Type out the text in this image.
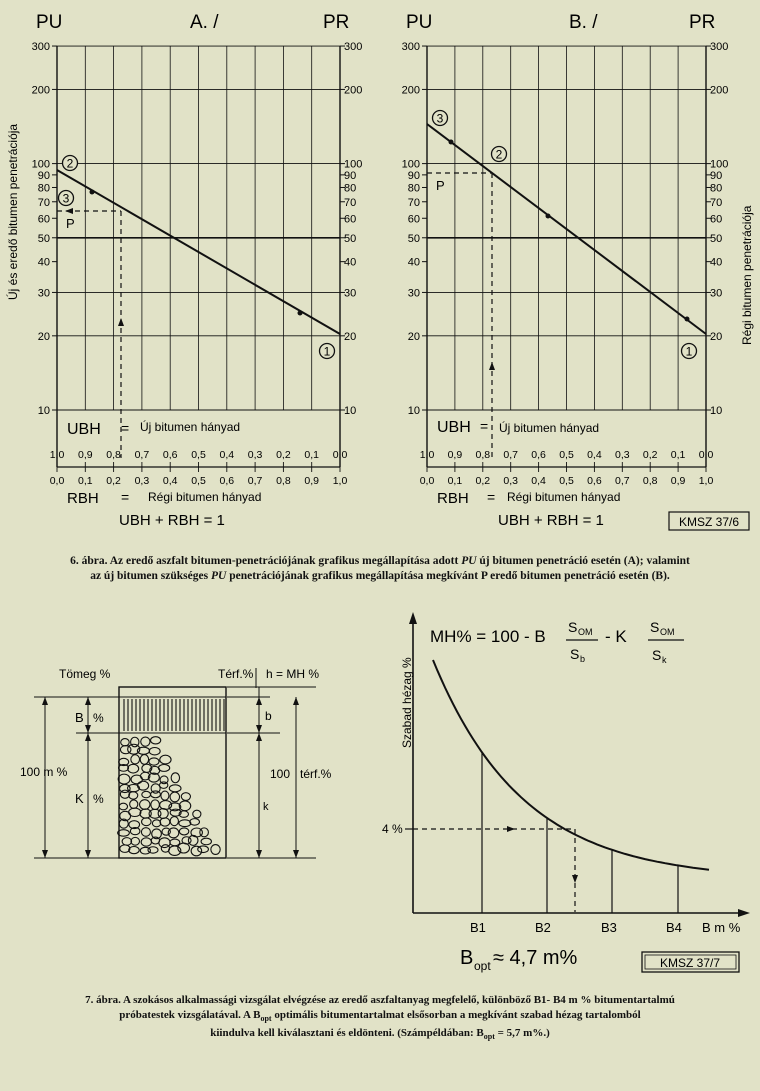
PU	A. /	PR
300	300
200	200
100	100
90	90
80	80
70	70
60	60
50	50
40	40
30	30
20	20
10	10
Új és eredő bitumen penetrációja	2
3
1
P
UBH = Új bitumen hányad
1,0 0,9 0,8 0,7 0,6 0,5 0,4 0,3 0,2 0,1 0,0
0,0 0,1 0,2 0,3 0,4 0,5 0,6 0,7 0,8 0,9 1,0
RBH = Régi bitumen hányad
UBH + RBH = 1
PU	B. /	PR
300	300
200	200
100	100
90	90
80	80
70	70
60	60
50	50
40	40
30	30
20	20
10	10
Régi bitumen penetrációja
3
2
1
P
UBH = Új bitumen hányad
1,0 0,9 0,8 0,7 0,6 0,5 0,4 0,3 0,2 0,1 0,0
0,0 0,1 0,2 0,3 0,4 0,5 0,6 0,7 0,8 0,9 1,0
RBH = Régi bitumen hányad
UBH + RBH = 1	KMSZ 37/6
Tömeg %	Térf.% h = MH %
100 m %
B %
K %
b
k
100 térf.%
MH% = 100 - B S OM
S b
- K S OM
S k
Szabad hézag %
4 %
B1	B2	B3	B4 B m %
B opt ≈ 4,7 m%	KMSZ 37/7
6. ábra. Az eredő aszfalt bitumen-penetrációjának grafikus megállapítása adott PU új bitumen penetráció esetén (A); valamint
az új bitumen szükséges PU penetrációjának grafikus megállapítása megkívánt P eredő bitumen penetráció esetén (B).
7. ábra. A szokásos alkalmassági vizsgálat elvégzése az eredő aszfaltanyag megfelelő, különböző B1- B4 m % bitumentartalmú
próbatestek vizsgálatával. A $B_{opt}$ optimális bitumentartalmat elsősorban a megkívánt szabad hézag tartalomból
kiindulva kell kiválasztani és eldönteni. (Számpéldában: $B_{opt} = 5,7$ m%.)
